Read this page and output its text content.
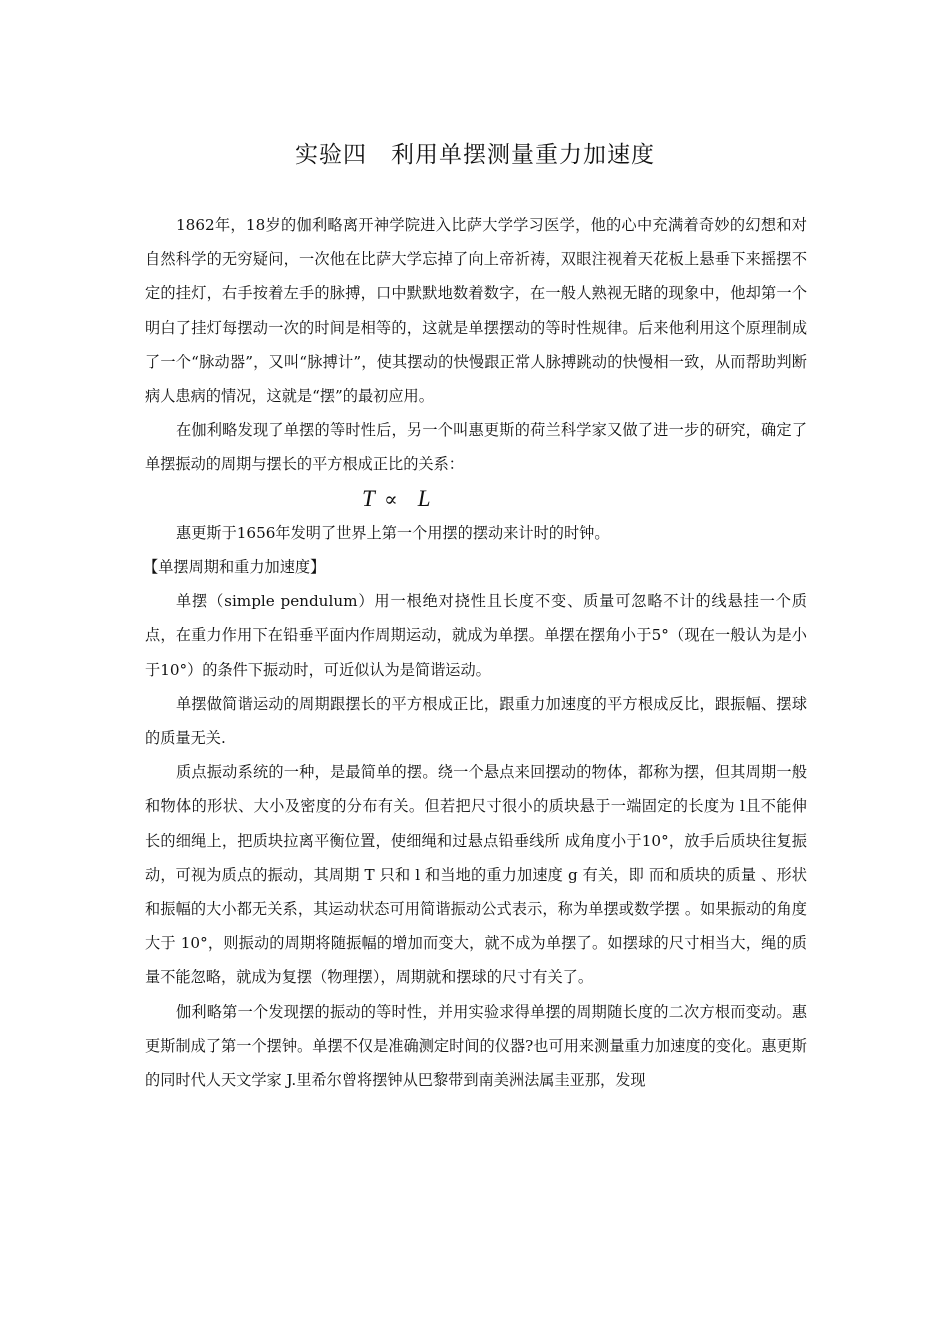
实验四　利用单摆测量重力加速度

1862年，18岁的伽利略离开神学院进入比萨大学学习医学，他的心中充满着奇妙的幻想和对自然科学的无穷疑问，一次他在比萨大学忘掉了向上帝祈祷，双眼注视着天花板上悬垂下来摇摆不定的挂灯，右手按着左手的脉搏，口中默默地数着数字，在一般人熟视无睹的现象中，他却第一个明白了挂灯每摆动一次的时间是相等的，这就是单摆摆动的等时性规律。后来他利用这个原理制成了一个“脉动器”，又叫“脉搏计”，使其摆动的快慢跟正常人脉搏跳动的快慢相一致，从而帮助判断病人患病的情况，这就是“摆”的最初应用。

在伽利略发现了单摆的等时性后，另一个叫惠更斯的荷兰科学家又做了进一步的研究，确定了单摆振动的周期与摆长的平方根成正比的关系：

T ∝ L

惠更斯于1656年发明了世界上第一个用摆的摆动来计时的时钟。

【单摆周期和重力加速度】

单摆（simple pendulum）用一根绝对挠性且长度不变、质量可忽略不计的线悬挂一个质点，在重力作用下在铅垂平面内作周期运动，就成为单摆。单摆在摆角小于5°（现在一般认为是小于10°）的条件下振动时，可近似认为是简谐运动。

单摆做简谐运动的周期跟摆长的平方根成正比，跟重力加速度的平方根成反比，跟振幅、摆球的质量无关.

质点振动系统的一种，是最简单的摆。绕一个悬点来回摆动的物体，都称为摆，但其周期一般和物体的形状、大小及密度的分布有关。但若把尺寸很小的质块悬于一端固定的长度为 l且不能伸长的细绳上，把质块拉离平衡位置，使细绳和过悬点铅垂线所 成角度小于10°，放手后质块往复振动，可视为质点的振动，其周期 T 只和 l 和当地的重力加速度 g 有关，即 而和质块的质量 、形状和振幅的大小都无关系，其运动状态可用简谐振动公式表示，称为单摆或数学摆 。如果振动的角度大于 10°，则振动的周期将随振幅的增加而变大，就不成为单摆了。如摆球的尺寸相当大，绳的质量不能忽略，就成为复摆（物理摆），周期就和摆球的尺寸有关了。

伽利略第一个发现摆的振动的等时性，并用实验求得单摆的周期随长度的二次方根而变动。惠更斯制成了第一个摆钟。单摆不仅是准确测定时间的仪器?也可用来测量重力加速度的变化。惠更斯的同时代人天文学家 J.里希尔曾将摆钟从巴黎带到南美洲法属圭亚那，发现
